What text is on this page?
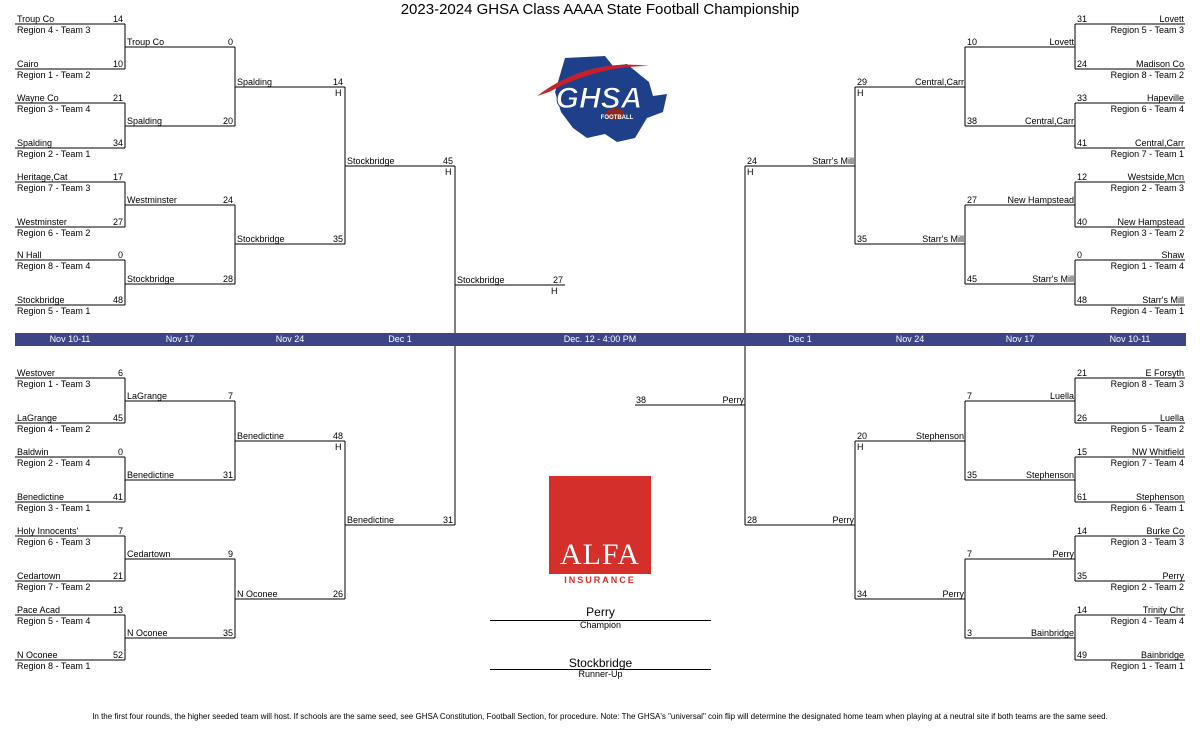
2023-2024 GHSA Class AAAA State Football Championship
Troup Co	14
Region 4 - Team 3
Cairo	10
Region 1 - Team 2
Wayne Co	21
Region 3 - Team 4
Spalding	34
Region 2 - Team 1
Heritage,Cat	17
Region 7 - Team 3
Westminster	27
Region 6 - Team 2
N Hall	0
Region 8 - Team 4
Stockbridge	48
Region 5 - Team 1
Westover	6
Region 1 - Team 3
LaGrange	45
Region 4 - Team 2
Baldwin	0
Region 2 - Team 4
Benedictine	41
Region 3 - Team 1
Holy Innocents'	7
Region 6 - Team 3
Cedartown	21
Region 7 - Team 2
Pace Acad	13
Region 5 - Team 4
N Oconee	52
Region 8 - Team 1
Troup Co	0
Spalding	20
Westminster	24
Stockbridge	28
LaGrange	7
Benedictine	31
Cedartown	9
N Oconee	35
Spalding	14
H
Stockbridge	35
Benedictine	48
H
N Oconee	26
Stockbridge	45
H
Benedictine	31
Stockbridge	27
H
Lovett
31
Region 5 - Team 3
Madison Co
24
Region 8 - Team 2
Hapeville
33
Region 6 - Team 4
Central,Carr
41
Region 7 - Team 1
Westside,Mcn
12
Region 2 - Team 3
New Hampstead
40
Region 3 - Team 2
Shaw
0
Region 1 - Team 4
Starr's Mill
48
Region 4 - Team 1
E Forsyth
21
Region 8 - Team 3
Luella
26
Region 5 - Team 2
NW Whitfield
15
Region 7 - Team 4
Stephenson
61
Region 6 - Team 1
Burke Co
14
Region 3 - Team 3
Perry
35
Region 2 - Team 2
Trinity Chr
14
Region 4 - Team 4
Bainbridge
49
Region 1 - Team 1
Lovett
10
Central,Carr
38
New Hampstead
27
Starr's Mill
45
Luella
7
Stephenson
35
Perry
7
Bainbridge
3
Central,Carr
29
H
Starr's Mill
35
Stephenson
20
H
Perry
34
Starr's Mill
24
H
Perry
28
Perry
38
Nov 10-11	Nov 17	Nov 24	Dec 1	Dec. 12 - 4:00 PM	Dec 1	Nov 24	Nov 17	Nov 10-11
GHSA
FOOTBALL
ALFA
INSURANCE
Perry
Champion
Stockbridge
Runner-Up
In the first four rounds, the higher seeded team will host. If schools are the same seed, see GHSA Constitution, Football Section, for procedure. Note: The GHSA's "universal" coin flip will determine the designated home team when playing at a neutral site if both teams are the same seed.
